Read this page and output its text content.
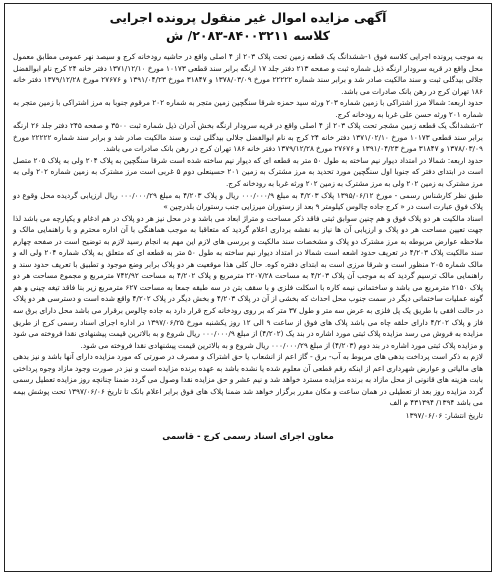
آگهی مزایده اموال غیر منقول پرونده اجرایی
کلاسه ۸۴۰۰۳۲۱۱-۲۰۸۳/ ش

به موجب پرونده اجرایی کلاسه فوق ۱-ششدانگ یک قطعه زمین تحت پلاک ۲۰۳ از ۴ اصلی واقع در حاشیه رودخانه کرج و سیصد نهر عمومی مطابق معمول محل واقع در قریه سرودار ارنگه ذیل شماره ثبت و صفحه ۲۱۳ دفتر جلد ۱۷ ارنگه برابر سند قطعی ۱۰۱۷۳ مورخ ۱۳۷۱/۱۲/۱۰ دفتر خانه ۲۴ کرج نام ابوالفضل جلالی بیدگلی ثبت و سند مالکیت صادر شد و برابر سند شماره ۲۲۲۲۲ مورخ ۱۳۷۸/۰۳/۰۹ و ۳۱۸۴۷ مورخ ۱۳۹۱/۰۴/۲۳ و ۲۷۶۷۶ مورخ ۱۳۷۹/۱۲/۲۸ دفتر خانه ۱۸۶ تهران کرج در رهن بانک صادرات می باشد.

حدود اربعه: شمالا مرز اشتراکی با زمین شماره ۲۰۳ ورثه سید حمزه شرقا سنگچین زمین متجر به شماره ۲۰۲ مرقوم جنوبا به مرز اشتراکی با زمین متجر به شماره ۲۰۱ ورثه حسن علی غربا به رودخانه کرج.

۲-ششدانگ یک قطعه زمین مشجر تحت پلاک ۲۰۳ از ۴ اصلی واقع در قریه سرودار ارنگه بخش آدران ذیل شماره ثبت ۳۵۰۰ و صفحه ۲۴۵ دفتر جلد ۲۶ ارنگه برابر سند قطعی ۱۰۱۷۳ مورخ ۱۳۷۱/۰۲/۱۰ دفتر خانه ۲۴ کرج به نام ابوالفضل جلالی بیدگلی ثبت و سند مالکیت صادر شد و برابر سند شماره ۲۲۲۲۲ مورخ ۱۳۷۸/۰۳/۰۹ و ۳۱۸۴۷ مورخ ۱۳۹۱/۰۴/۲۳ و ۲۷۶۷۶ مورخ ۱۳۷۹/۱۲/۲۸ دفتر خانه ۱۸۶ تهران کرج در رهن بانک صادرات می باشد.

حدود اربعه: شمالا در امتداد دیوار نیم ساخته به طول ۵۰ متر به قطعه ای که دیوار نیم ساخته شده است شرقا سنگچین به پلاک ۲۰۴ ولی به پلاک ۲۰۵ متصل است در ابتدای دفتر که جنوبا اول سنگچین مورد تحدید به مرز مشترک به زمین ۲۰۱ حسینعلی دوم ۵ غربی است مرز مشترک به زمین شماره ۲۰۲ ولی به مرز مشترک به زمین ۲۰۲ ولی به مرز مشترک به زمین ۲۰۲ ورثه غربا به رودخانه کرج.

طبق نظر کارشناس رسمی - مورخ ۱۳۹۵/۰۶/۱۲ پلاک ۴/۲۰۳ به مبلغ ۰۰۰/۰۰۰/۹ ریال و پلاک ۴/۲۰۳ به مبلغ ۰۰۰/۰۰۰/۲۹ ریال ارزیابی گردیده محل وقوع دو پلاک فوق عبارت است در « کرج جاده چالوس کیلومتر ۹ بعد از رستوران میرزایی جنب رستوران بلدرچین »

اسناد مالکیت هر دو پلاک فوق و هم چنین سوابق ثبتی فاقد ذکر مساحت و متراژ ابعاد می باشد و در محل نیز هر دو پلاک در هم ادغام و یکپارچه می باشد لذا جهت تعیین مساحت هر دو پلاک و ارزیابی آن ها نیاز به نقشه برداری اعلام گردید که متعاقبا به موجب هماهنگی با آن اداره محترم و با راهنمایی مالک و ملاحظه عوارض مربوطه به مرز مشترک دو پلاک و مشخصات سند مالکیت و بررسی های لازم این مهم به انجام رسید لازم به توضیح است در صفحه چهارم سند مالکیت پلاک ۴/۲۰۳ در تعریف حدود اشعه است شمالا در امتداد دیوار نیم ساخته به طول ۵۰ متر به قطعه ای که متعلق به پلاک شماره ۲۰۴ ولی اله و مالک شماره ۲۰۵ منظور است و شرقا مرزی است به ابتدای دفتره کوه. حال کلی هذا موقعیت هر دو پلاک برابر وضع موجود و تطبیق با تعریف حدود سند و راهنمایی مالک ترسیم گردید که به موجب آن پلاک ۴/۲۰۳ به مساحت ۲۲۰۷/۲۸ مترمربع و پلاک ۴/۲۰۲ به مساحت ۷۴۲/۹۲ مترمربع و مجموع مساحت هر دو پلاک ۲۱۵۰ مترمربع می باشد و ساختمانی نیمه کاره با اسکلت فلزی و با سقف بتن در سه طبقه جمعا به مساحت ۶۲۷ مترمربع زیر بنا فاقد تیغه چینی و هم گونه عملیات ساختمانی دیگر در سمت جنوب محل احداث که بخشی از آن در پلاک ۴/۲۰۳ و بخش دیگر در پلاک ۴/۲۰۲ واقع شده است و دسترسی هر دو پلاک در حالت افقی با طریق یک پل فلزی به عرض سه متر و طول ۳۷ متر که بر روی رودخانه کرج قرار دارد به جاده چالوس برقرار می باشد محل دارای برق سه فاز و پلاک ۴/۲۰۲ دارای حلقه چاه می باشد پلاک های فوق از ساعت ۹ الی ۱۲ روز یکشنبه مورخ ۱۳۹۷/۰۶/۲۵ در اداره اجرای اسناد رسمی کرج از طریق مزایده به فروش می رسد مزایده پلاک ثبتی مورد اشاره در بند یک (۴/۲۰۲) از مبلغ ۰۰۰/۰۰۰/۹ ریال شروع و به بالاترین قیمت پیشنهادی نقدا فروخته می شود و مزایده پلاک ثبتی مورد اشاره در بند دوم (۴/۲۰۳) از مبلغ ۰۰۰/۰۰۰/۲۹ ریال شروع و به بالاترین قیمت پیشنهادی نقدا فروخته می شود.

لازم به ذکر است پرداخت بدهی های مربوط به آب- برق - گاز اعم از انشعاب یا حق اشتراک و مصرف در صورتی که مورد مزایده دارای آنها باشد و نیز بدهی های مالیاتی و عوارض شهرداری اعم از اینکه رقم قطعی آن معلوم شده یا نشده باشد به عهده برنده مزایده است و نیز در صورت وجود مازاد وجوه پرداختی بابت هزینه های قانونی از محل مازاد به برنده مزایده مسترد خواهد شد و نیم عشر و حق مزایده نقدا وصول می گردد ضمنا چنانچه روز مزایده تعطیل رسمی گردد مزایده روز بعد از تعطیلی در همان ساعت و مکان مقرر برگزار خواهد شد ضمنا پلاک های فوق برابر اعلام بانک تا تاریخ ۱۳۹۷/۰۶/۰۶ تحت پوشش بیمه می باشد ۱۳۹۴/ ۴۳۱۳۹۴ م الف

تاریخ انتشار: ۱۳۹۷/۰۶/۰۶
معاون اجرای اسناد رسمی کرج - قاسمی
